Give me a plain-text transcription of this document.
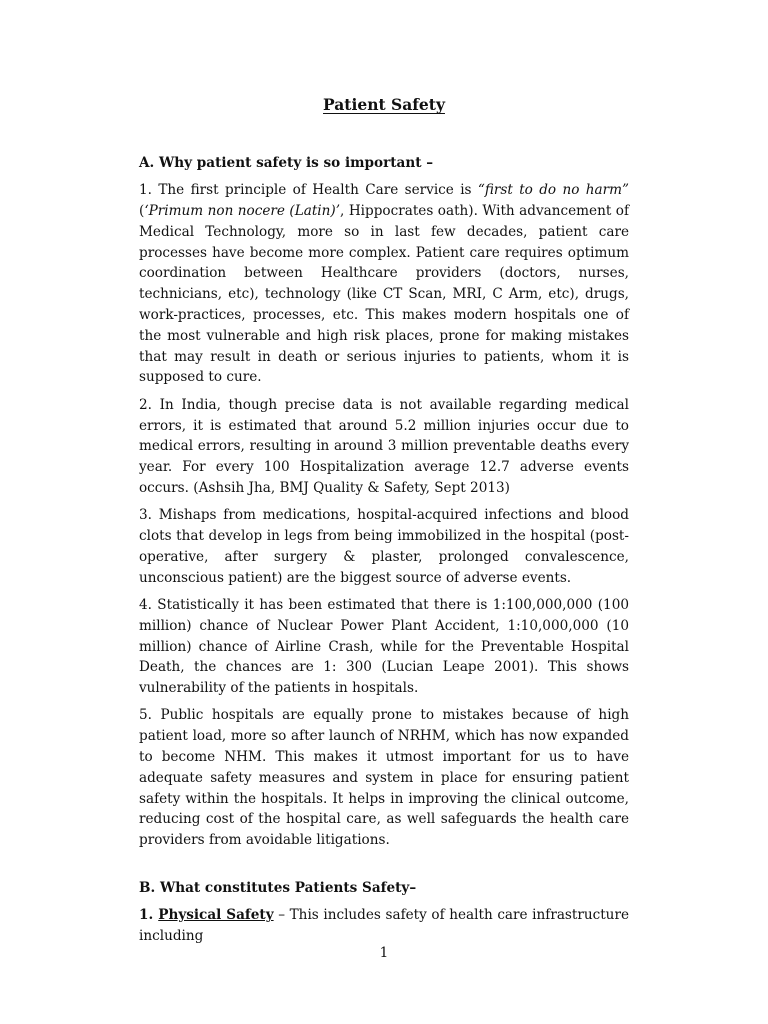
Patient Safety

A. Why patient safety is so important –

1. The first principle of Health Care service is “first to do no harm” (‘Primum non nocere (Latin)’, Hippocrates oath). With advancement of Medical Technology, more so in last few decades, patient care processes have become more complex. Patient care requires optimum coordination between Healthcare providers (doctors, nurses, technicians, etc), technology (like CT Scan, MRI, C Arm, etc), drugs, work-practices, processes, etc. This makes modern hospitals one of the most vulnerable and high risk places, prone for making mistakes that may result in death or serious injuries to patients, whom it is supposed to cure.

2. In India, though precise data is not available regarding medical errors, it is estimated that around 5.2 million injuries occur due to medical errors, resulting in around 3 million preventable deaths every year. For every 100 Hospitalization average 12.7 adverse events occurs. (Ashsih Jha, BMJ Quality & Safety, Sept 2013)

3. Mishaps from medications, hospital-acquired infections and blood clots that develop in legs from being immobilized in the hospital (post-operative, after surgery & plaster, prolonged convalescence, unconscious patient) are the biggest source of adverse events.

4. Statistically it has been estimated that there is 1:100,000,000 (100 million) chance of Nuclear Power Plant Accident, 1:10,000,000 (10 million) chance of Airline Crash, while for the Preventable Hospital Death, the chances are 1: 300 (Lucian Leape 2001). This shows vulnerability of the patients in hospitals.

5. Public hospitals are equally prone to mistakes because of high patient load, more so after launch of NRHM, which has now expanded to become NHM. This makes it utmost important for us to have adequate safety measures and system in place for ensuring patient safety within the hospitals. It helps in improving the clinical outcome, reducing cost of the hospital care, as well safeguards the health care providers from avoidable litigations.

B. What constitutes Patients Safety–

1. Physical Safety – This includes safety of health care infrastructure including

1
